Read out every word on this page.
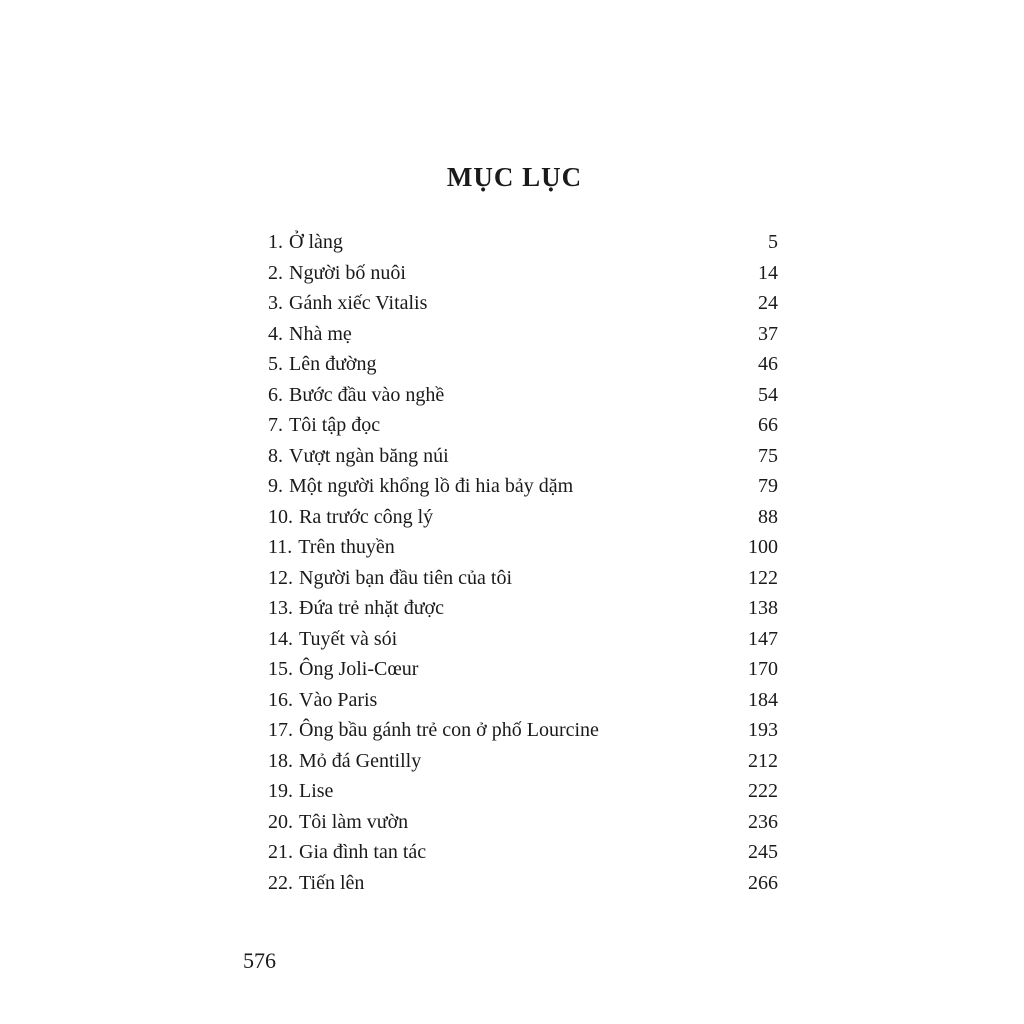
MỤC LỤC
1. Ở làng	5
2. Người bố nuôi	14
3. Gánh xiếc Vitalis	24
4. Nhà mẹ	37
5. Lên đường	46
6. Bước đầu vào nghề	54
7. Tôi tập đọc	66
8. Vượt ngàn băng núi	75
9. Một người khổng lồ đi hia bảy dặm	79
10. Ra trước công lý	88
11. Trên thuyền	100
12. Người bạn đầu tiên của tôi	122
13. Đứa trẻ nhặt được	138
14. Tuyết và sói	147
15. Ông Joli-Cœur	170
16. Vào Paris	184
17. Ông bầu gánh trẻ con ở phố Lourcine	193
18. Mỏ đá Gentilly	212
19. Lise	222
20. Tôi làm vườn	236
21. Gia đình tan tác	245
22. Tiến lên	266
576
